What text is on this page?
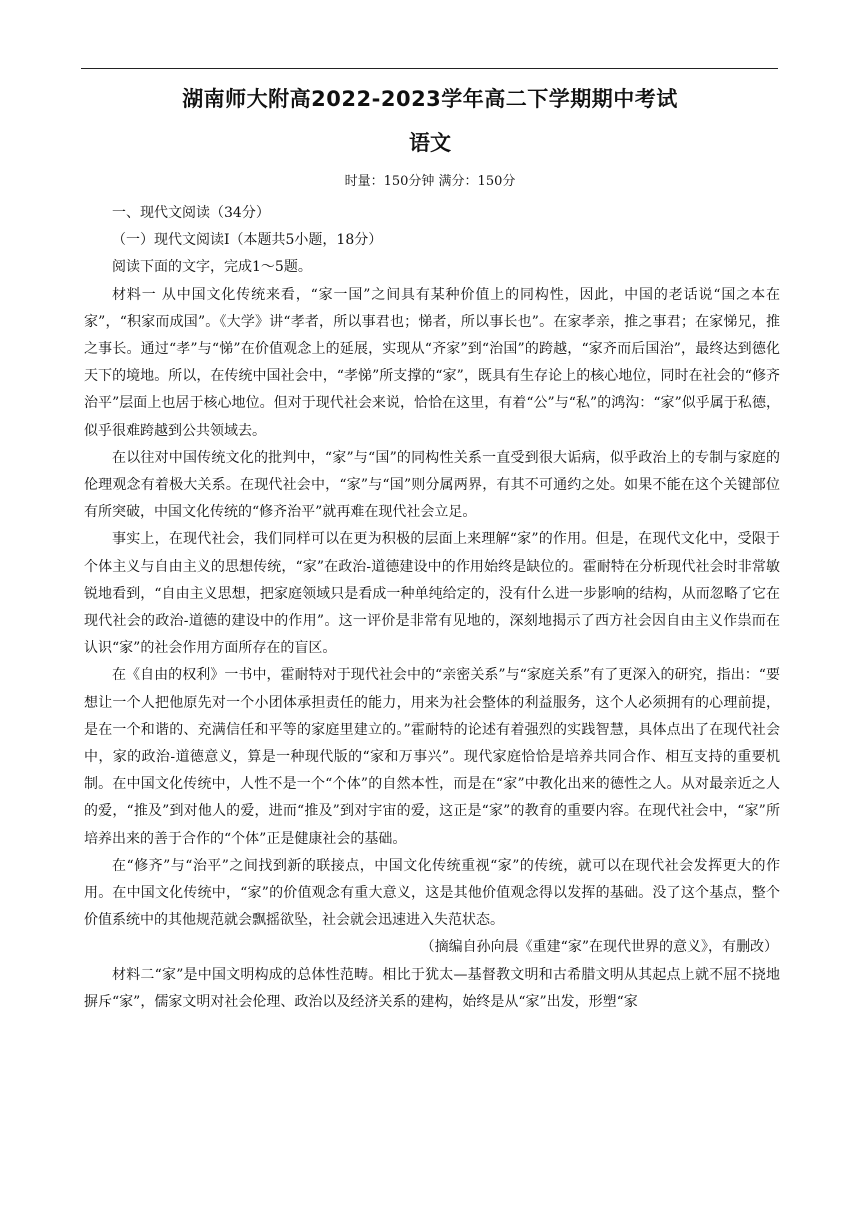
湖南师大附高2022-2023学年高二下学期期中考试
语文
时量：150分钟 满分：150分

一、现代文阅读（34分）

（一）现代文阅读I（本题共5小题，18分）

阅读下面的文字，完成1～5题。

材料一 从中国文化传统来看，“家一国”之间具有某种价值上的同构性，因此，中国的老话说“国之本在家”，“积家而成国”。《大学》讲“孝者，所以事君也；悌者，所以事长也”。在家孝亲，推之事君；在家悌兄，推之事长。通过“孝”与“悌”在价值观念上的延展，实现从“齐家”到“治国”的跨越，“家齐而后国治”，最终达到德化天下的境地。所以，在传统中国社会中，“孝悌”所支撑的“家”，既具有生存论上的核心地位，同时在社会的“修齐治平”层面上也居于核心地位。但对于现代社会来说，恰恰在这里，有着“公”与“私”的鸿沟：“家”似乎属于私德，似乎很难跨越到公共领域去。

在以往对中国传统文化的批判中，“家”与“国”的同构性关系一直受到很大诟病，似乎政治上的专制与家庭的伦理观念有着极大关系。在现代社会中，“家”与“国”则分属两界，有其不可通约之处。如果不能在这个关键部位有所突破，中国文化传统的“修齐治平”就再难在现代社会立足。

事实上，在现代社会，我们同样可以在更为积极的层面上来理解“家”的作用。但是，在现代文化中，受限于个体主义与自由主义的思想传统，“家”在政治-道德建设中的作用始终是缺位的。霍耐特在分析现代社会时非常敏锐地看到，“自由主义思想，把家庭领域只是看成一种单纯给定的，没有什么进一步影响的结构，从而忽略了它在现代社会的政治-道德的建设中的作用”。这一评价是非常有见地的，深刻地揭示了西方社会因自由主义作祟而在认识“家”的社会作用方面所存在的盲区。

在《自由的权利》一书中，霍耐特对于现代社会中的“亲密关系”与“家庭关系”有了更深入的研究，指出：“要想让一个人把他原先对一个小团体承担责任的能力，用来为社会整体的利益服务，这个人必须拥有的心理前提，是在一个和谐的、充满信任和平等的家庭里建立的。”霍耐特的论述有着强烈的实践智慧，具体点出了在现代社会中，家的政治-道德意义，算是一种现代版的“家和万事兴”。现代家庭恰恰是培养共同合作、相互支持的重要机制。在中国文化传统中，人性不是一个“个体”的自然本性，而是在“家”中教化出来的德性之人。从对最亲近之人的爱，“推及”到对他人的爱，进而“推及”到对宇宙的爱，这正是“家”的教育的重要内容。在现代社会中，“家”所培养出来的善于合作的“个体”正是健康社会的基础。

在“修齐”与“治平”之间找到新的联接点，中国文化传统重视“家”的传统，就可以在现代社会发挥更大的作用。在中国文化传统中，“家”的价值观念有重大意义，这是其他价值观念得以发挥的基础。没了这个基点，整个价值系统中的其他规范就会飘摇欲坠，社会就会迅速进入失范状态。

（摘编自孙向晨《重建“家”在现代世界的意义》，有删改）

材料二“家”是中国文明构成的总体性范畴。相比于犹太—基督教文明和古希腊文明从其起点上就不屈不挠地摒斥“家”，儒家文明对社会伦理、政治以及经济关系的建构，始终是从“家”出发，形塑“家
